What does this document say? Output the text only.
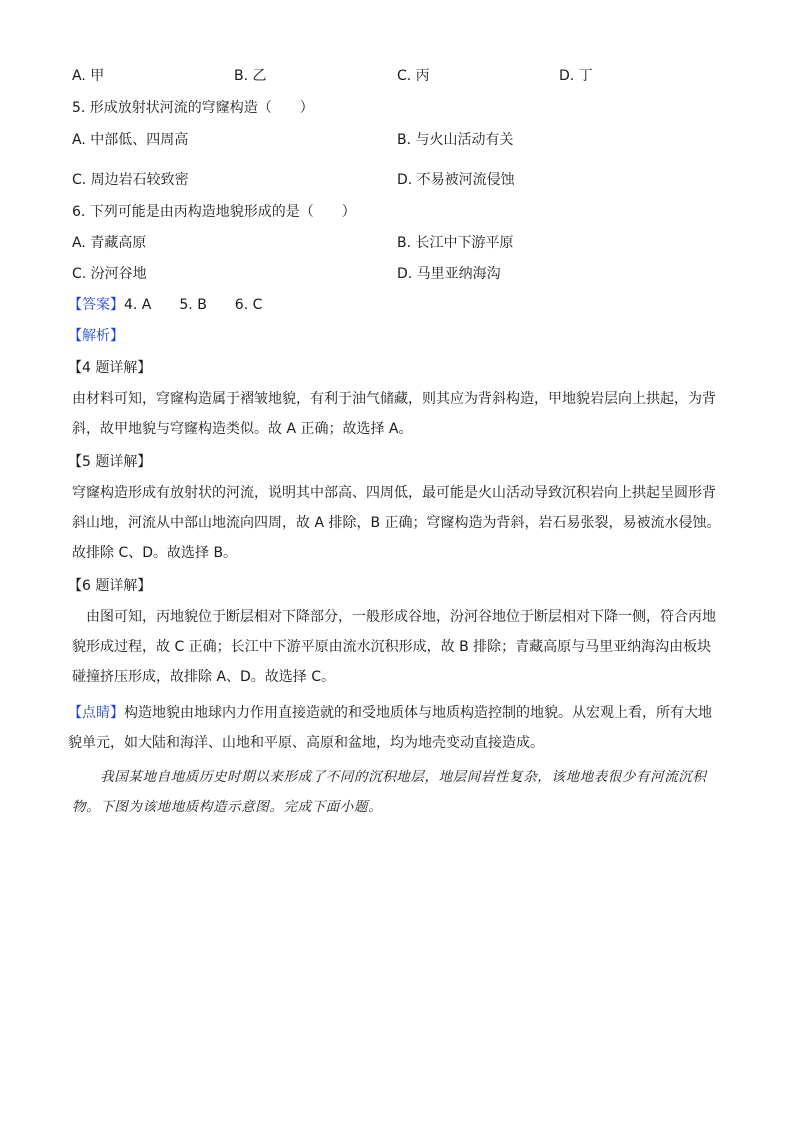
A. 甲	B. 乙	C. 丙	D. 丁
5. 形成放射状河流的穹窿构造（　　）
A. 中部低、四周高	B. 与火山活动有关
C. 周边岩石较致密	D. 不易被河流侵蚀
6. 下列可能是由丙构造地貌形成的是（　　）
A. 青藏高原	B. 长江中下游平原
C. 汾河谷地	D. 马里亚纳海沟
【答案】4. A　　5. B　　6. C
【解析】
【4 题详解】
由材料可知，穹窿构造属于褶皱地貌，有利于油气储藏，则其应为背斜构造，甲地貌岩层向上拱起，为背斜，故甲地貌与穹窿构造类似。故 A 正确；故选择 A。
【5 题详解】
穹窿构造形成有放射状的河流，说明其中部高、四周低，最可能是火山活动导致沉积岩向上拱起呈圆形背斜山地，河流从中部山地流向四周，故 A 排除，B 正确；穹窿构造为背斜，岩石易张裂，易被流水侵蚀。故排除 C、D。故选择 B。
【6 题详解】
　由图可知，丙地貌位于断层相对下降部分，一般形成谷地，汾河谷地位于断层相对下降一侧，符合丙地貌形成过程，故 C 正确；长江中下游平原由流水沉积形成，故 B 排除；青藏高原与马里亚纳海沟由板块碰撞挤压形成，故排除 A、D。故选择 C。
【点睛】构造地貌由地球内力作用直接造就的和受地质体与地质构造控制的地貌。从宏观上看，所有大地貌单元，如大陆和海洋、山地和平原、高原和盆地，均为地壳变动直接造成。
　　我国某地自地质历史时期以来形成了不同的沉积地层，地层间岩性复杂，该地地表很少有河流沉积物。下图为该地地质构造示意图。完成下面小题。
